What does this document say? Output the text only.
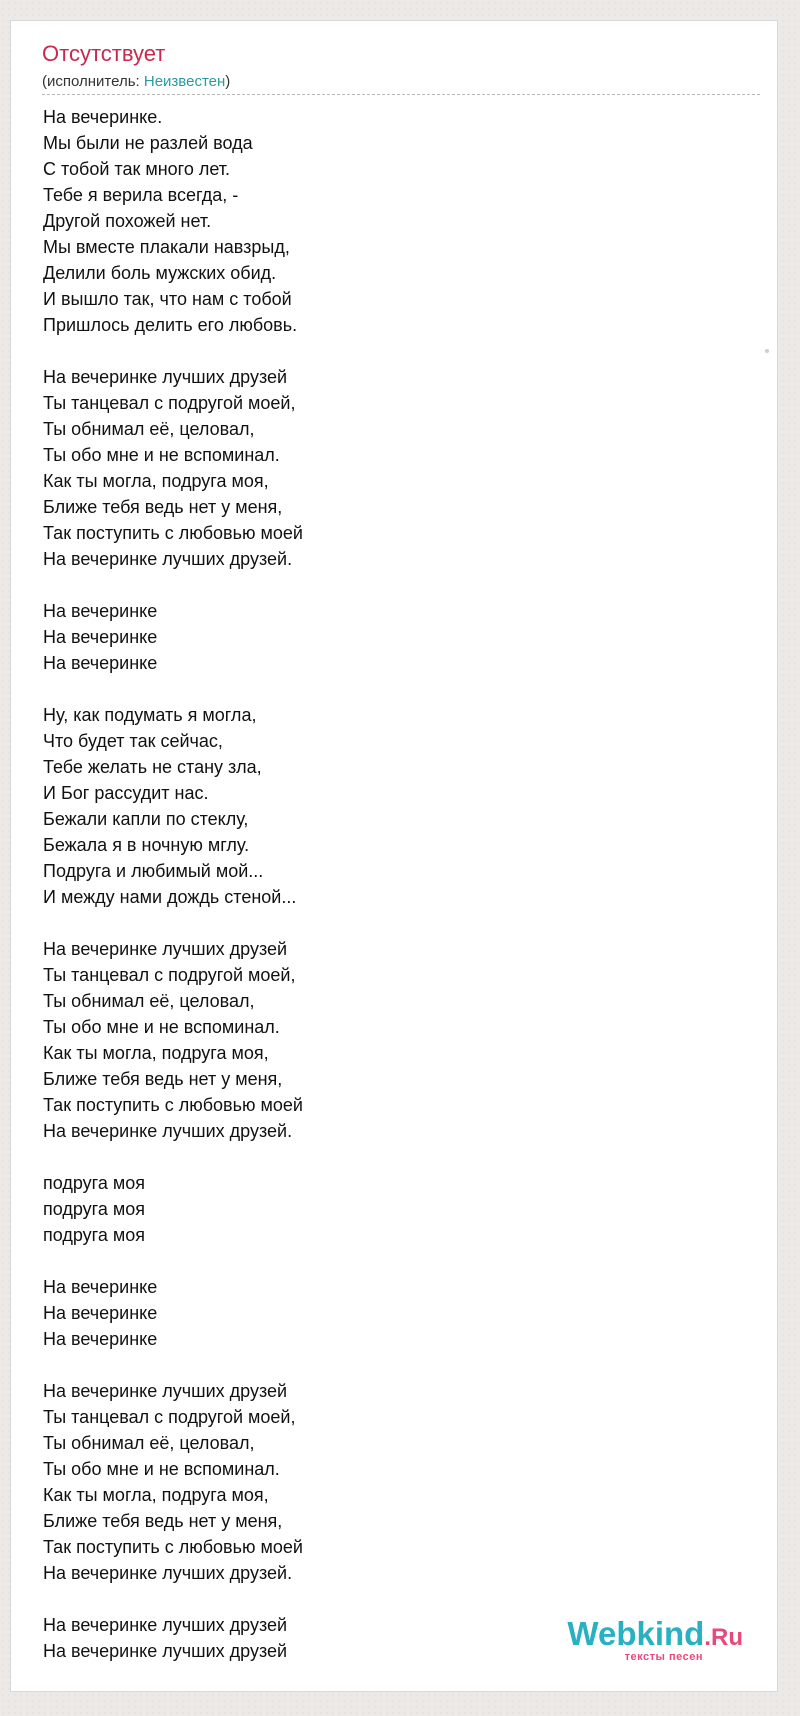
Отсутствует
(исполнитель: Неизвестен)
На вечеринке.
Мы были не разлей вода
С тобой так много лет.
Тебе я верила всегда, -
Другой похожей нет.
Мы вместе плакали навзрыд,
Делили боль мужских обид.
И вышло так, что нам с тобой
Пришлось делить его любовь.
На вечеринке лучших друзей
Ты танцевал с подругой моей,
Ты обнимал её, целовал,
Ты обо мне и не вспоминал.
Как ты могла, подруга моя,
Ближе тебя ведь нет у меня,
Так поступить с любовью моей
На вечеринке лучших друзей.
На вечеринке
На вечеринке
На вечеринке
Ну, как подумать я могла,
Что будет так сейчас,
Тебе желать не стану зла,
И Бог рассудит нас.
Бежали капли по стеклу,
Бежала я в ночную мглу.
Подруга и любимый мой...
И между нами дождь стеной...
На вечеринке лучших друзей
Ты танцевал с подругой моей,
Ты обнимал её, целовал,
Ты обо мне и не вспоминал.
Как ты могла, подруга моя,
Ближе тебя ведь нет у меня,
Так поступить с любовью моей
На вечеринке лучших друзей.
подруга моя
подруга моя
подруга моя
На вечеринке
На вечеринке
На вечеринке
На вечеринке лучших друзей
Ты танцевал с подругой моей,
Ты обнимал её, целовал,
Ты обо мне и не вспоминал.
Как ты могла, подруга моя,
Ближе тебя ведь нет у меня,
Так поступить с любовью моей
На вечеринке лучших друзей.
На вечеринке лучших друзей
На вечеринке лучших друзей	Webkind.Ru
тексты песен
